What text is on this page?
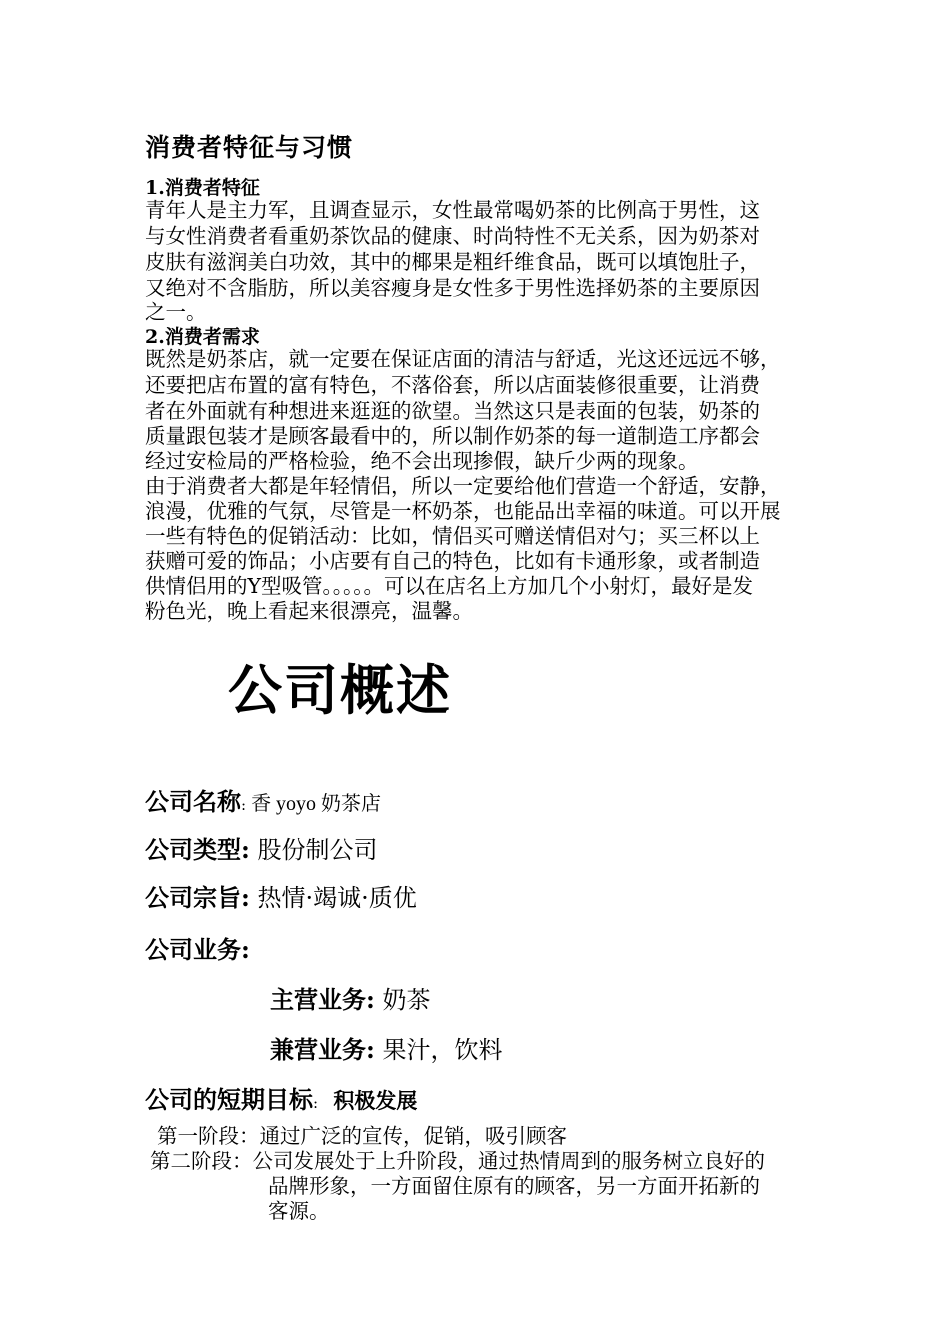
消费者特征与习惯
1.消费者特征
青年人是主力军，且调查显示，女性最常喝奶茶的比例高于男性，这
与女性消费者看重奶茶饮品的健康、时尚特性不无关系，因为奶茶对
皮肤有滋润美白功效，其中的椰果是粗纤维食品，既可以填饱肚子，
又绝对不含脂肪，所以美容瘦身是女性多于男性选择奶茶的主要原因
之一。
2.消费者需求
既然是奶茶店，就一定要在保证店面的清洁与舒适，光这还远远不够，
还要把店布置的富有特色，不落俗套，所以店面装修很重要，让消费
者在外面就有种想进来逛逛的欲望。当然这只是表面的包装，奶茶的
质量跟包装才是顾客最看中的，所以制作奶茶的每一道制造工序都会
经过安检局的严格检验，绝不会出现掺假，缺斤少两的现象。
由于消费者大都是年轻情侣，所以一定要给他们营造一个舒适，安静，
浪漫，优雅的气氛，尽管是一杯奶茶，也能品出幸福的味道。可以开展
一些有特色的促销活动：比如，情侣买可赠送情侣对勺；买三杯以上
获赠可爱的饰品；小店要有自己的特色，比如有卡通形象，或者制造
供情侣用的Y型吸管。。。。。可以在店名上方加几个小射灯，最好是发
粉色光，晚上看起来很漂亮，温馨。
公司概述
公司名称: 香 yoyo 奶茶店
公司类型: 股份制公司
公司宗旨: 热情·竭诚·质优
公司业务:
主营业务: 奶茶
兼营业务: 果汁，饮料
公司的短期目标: 积极发展
第一阶段：通过广泛的宣传，促销，吸引顾客
第二阶段：公司发展处于上升阶段，通过热情周到的服务树立良好的
品牌形象，一方面留住原有的顾客，另一方面开拓新的
客源。
